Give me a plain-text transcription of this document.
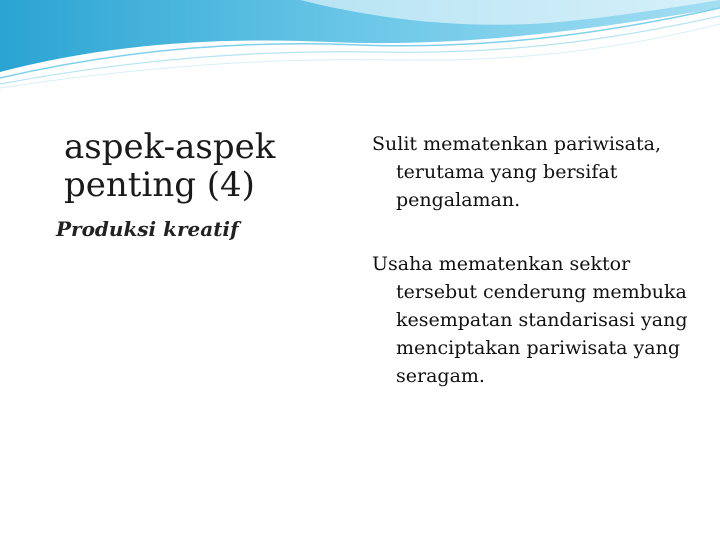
aspek-aspek
penting (4)
Produksi kreatif

Sulit mematenkan pariwisata, terutama yang bersifat pengalaman.

Usaha mematenkan sektor tersebut cenderung membuka kesempatan standarisasi yang menciptakan pariwisata yang seragam.
